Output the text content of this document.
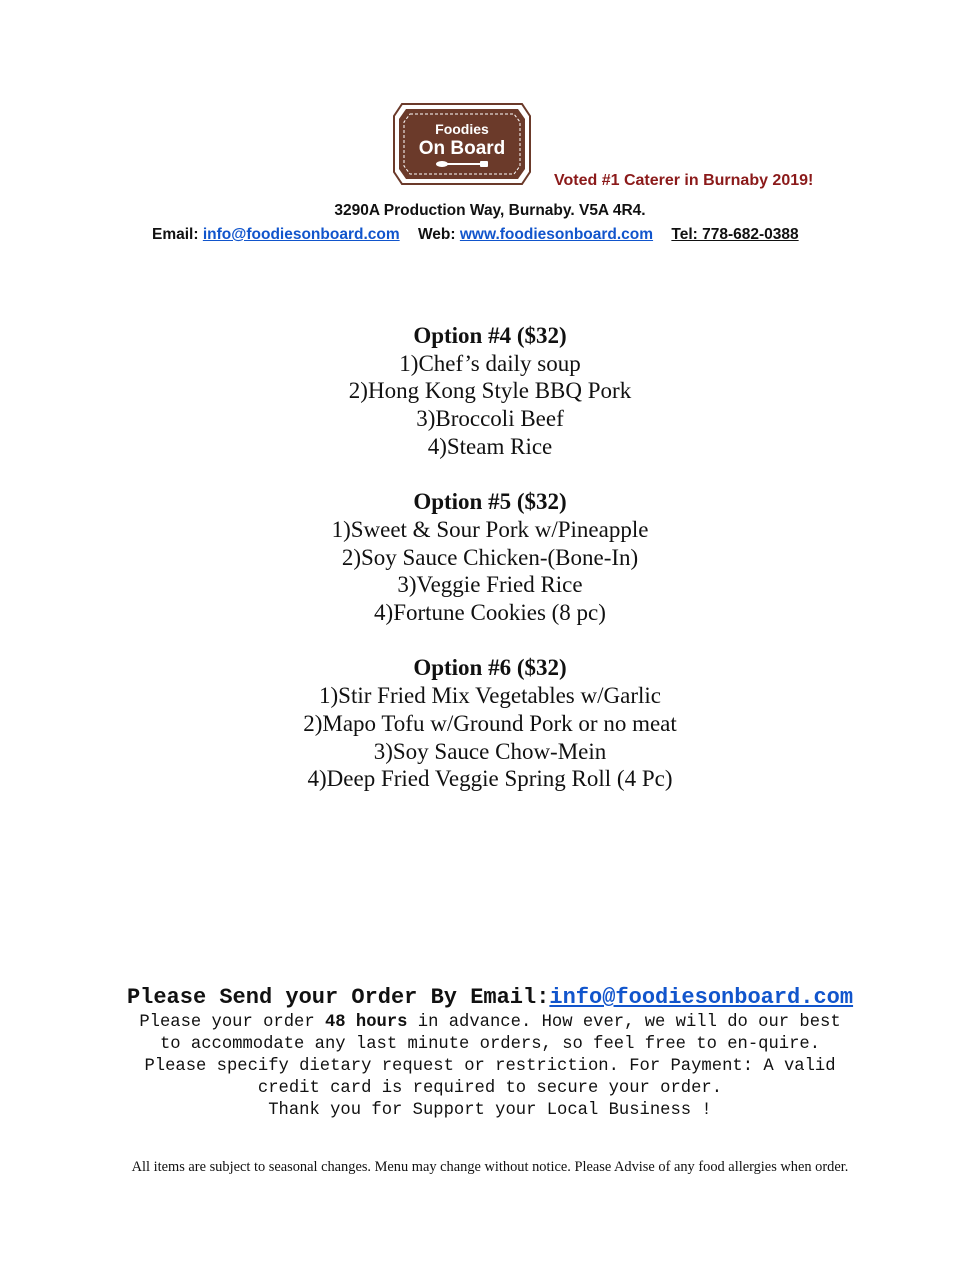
Foodies
On Board
Voted #1 Caterer in Burnaby 2019!
3290A Production Way, Burnaby. V5A 4R4.
Email: info@foodiesonboard.com Web: www.foodiesonboard.com Tel: 778-682-0388
Option #4 ($32)
1)Chef’s daily soup
2)Hong Kong Style BBQ Pork
3)Broccoli Beef
4)Steam Rice
Option #5 ($32)
1)Sweet & Sour Pork w/Pineapple
2)Soy Sauce Chicken-(Bone-In)
3)Veggie Fried Rice
4)Fortune Cookies (8 pc)
Option #6 ($32)
1)Stir Fried Mix Vegetables w/Garlic
2)Mapo Tofu w/Ground Pork or no meat
3)Soy Sauce Chow-Mein
4)Deep Fried Veggie Spring Roll (4 Pc)
Please Send your Order By Email:info@foodiesonboard.com
Please your order 48 hours in advance. How ever, we will do our best
to accommodate any last minute orders, so feel free to en-quire.
Please specify dietary request or restriction. For Payment: A valid
credit card is required to secure your order.
Thank you for Support your Local Business !
All items are subject to seasonal changes. Menu may change without notice. Please Advise of any food allergies when order.
